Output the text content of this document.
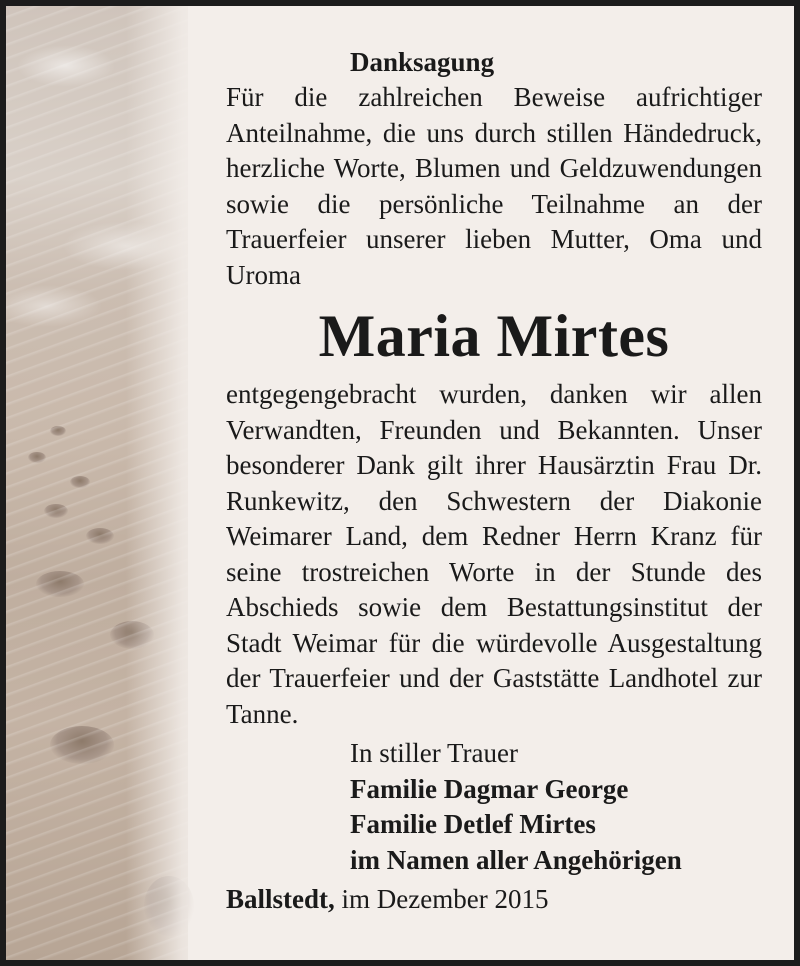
Danksagung
Für die zahlreichen Beweise aufrichtiger Anteilnahme, die uns durch stillen Händedruck, herzliche Worte, Blumen und Geldzuwendungen sowie die persönliche Teilnahme an der Trauerfeier unserer lieben Mutter, Oma und Uroma
Maria Mirtes
entgegengebracht wurden, danken wir allen Verwandten, Freunden und Bekannten. Unser besonderer Dank gilt ihrer Hausärztin Frau Dr. Runkewitz, den Schwestern der Diakonie Weimarer Land, dem Redner Herrn Kranz für seine trostreichen Worte in der Stunde des Abschieds sowie dem Bestattungsinstitut der Stadt Weimar für die würdevolle Ausgestaltung der Trauerfeier und der Gaststätte Landhotel zur Tanne.
In stiller Trauer
Familie Dagmar George
Familie Detlef Mirtes
im Namen aller Angehörigen
Ballstedt, im Dezember 2015
